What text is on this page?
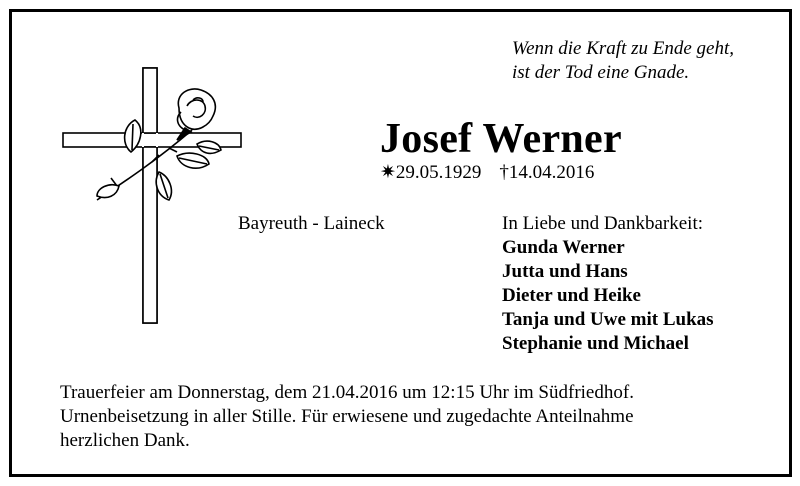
Wenn die Kraft zu Ende geht,
ist der Tod eine Gnade.
Josef Werner
✷29.05.1929 †14.04.2016
Bayreuth - Laineck	In Liebe und Dankbarkeit:
Gunda Werner
Jutta und Hans
Dieter und Heike
Tanja und Uwe mit Lukas
Stephanie und Michael
Trauerfeier am Donnerstag, dem 21.04.2016 um 12:15 Uhr im Südfriedhof.
Urnenbeisetzung in aller Stille. Für erwiesene und zugedachte Anteilnahme
herzlichen Dank.
